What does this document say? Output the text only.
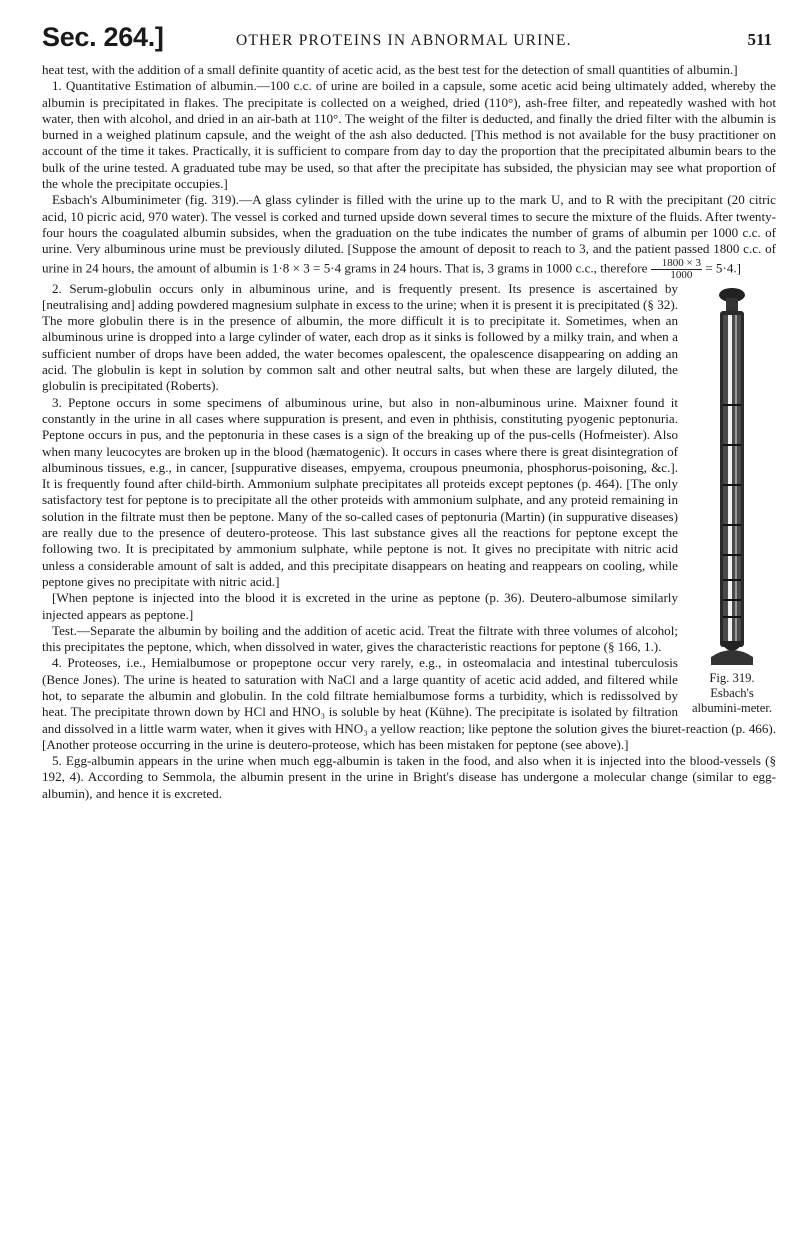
Sec. 264.]	OTHER PROTEINS IN ABNORMAL URINE.	511

heat test, with the addition of a small definite quantity of acetic acid, as the best test for the detection of small quantities of albumin.]

1. Quantitative Estimation of albumin.—100 c.c. of urine are boiled in a capsule, some acetic acid being ultimately added, whereby the albumin is precipitated in flakes. The precipitate is collected on a weighed, dried (110°), ash-free filter, and repeatedly washed with hot water, then with alcohol, and dried in an air-bath at 110°. The weight of the filter is deducted, and finally the dried filter with the albumin is burned in a weighed platinum capsule, and the weight of the ash also deducted. [This method is not available for the busy practitioner on account of the time it takes. Practically, it is sufficient to compare from day to day the proportion that the precipitated albumin bears to the bulk of the urine tested. A graduated tube may be used, so that after the precipitate has subsided, the physician may see what proportion of the whole the precipitate occupies.]

Esbach's Albuminimeter (fig. 319).—A glass cylinder is filled with the urine up to the mark U, and to R with the precipitant (20 citric acid, 10 picric acid, 970 water). The vessel is corked and turned upside down several times to secure the mixture of the fluids. After twenty-four hours the coagulated albumin subsides, when the graduation on the tube indicates the number of grams of albumin per 1000 c.c. of urine. Very albuminous urine must be previously diluted. [Suppose the amount of deposit to reach to 3, and the patient passed 1800 c.c. of urine in 24 hours, the amount of albumin is 1·8 × 3 = 5·4 grams in 24 hours. That is, 3 grams in 1000 c.c., therefore $\frac{1800 \times 3}{1000} = 5\cdot 4$.]

Fig. 319.
Esbach's albumini-meter.

2. Serum-globulin occurs only in albuminous urine, and is frequently present. Its presence is ascertained by [neutralising and] adding powdered magnesium sulphate in excess to the urine; when it is present it is precipitated (§ 32). The more globulin there is in the presence of albumin, the more difficult it is to precipitate it. Sometimes, when an albuminous urine is dropped into a large cylinder of water, each drop as it sinks is followed by a milky train, and when a sufficient number of drops have been added, the water becomes opalescent, the opalescence disappearing on adding an acid. The globulin is kept in solution by common salt and other neutral salts, but when these are largely diluted, the globulin is precipitated (Roberts).

3. Peptone occurs in some specimens of albuminous urine, but also in non-albuminous urine. Maixner found it constantly in the urine in all cases where suppuration is present, and even in phthisis, constituting pyogenic peptonuria. Peptone occurs in pus, and the peptonuria in these cases is a sign of the breaking up of the pus-cells (Hofmeister). Also when many leucocytes are broken up in the blood (hæmatogenic). It occurs in cases where there is great disintegration of albuminous tissues, e.g., in cancer, [suppurative diseases, empyema, croupous pneumonia, phosphorus-poisoning, &c.]. It is frequently found after child-birth. Ammonium sulphate precipitates all proteids except peptones (p. 464). [The only satisfactory test for peptone is to precipitate all the other proteids with ammonium sulphate, and any proteid remaining in solution in the filtrate must then be peptone. Many of the so-called cases of peptonuria (Martin) (in suppurative diseases) are really due to the presence of deutero-proteose. This last substance gives all the reactions for peptone except the following two. It is precipitated by ammonium sulphate, while peptone is not. It gives no precipitate with nitric acid unless a considerable amount of salt is added, and this precipitate disappears on heating and reappears on cooling, while peptone gives no precipitate with nitric acid.]

[When peptone is injected into the blood it is excreted in the urine as peptone (p. 36). Deutero-albumose similarly injected appears as peptone.]

Test.—Separate the albumin by boiling and the addition of acetic acid. Treat the filtrate with three volumes of alcohol; this precipitates the peptone, which, when dissolved in water, gives the characteristic reactions for peptone (§ 166, 1.).

4. Proteoses, i.e., Hemialbumose or propeptone occur very rarely, e.g., in osteomalacia and intestinal tuberculosis (Bence Jones). The urine is heated to saturation with NaCl and a large quantity of acetic acid added, and filtered while hot, to separate the albumin and globulin. In the cold filtrate hemialbumose forms a turbidity, which is redissolved by heat. The precipitate thrown down by HCl and HNO₃ is soluble by heat (Kühne). The precipitate is isolated by filtration and dissolved in a little warm water, when it gives with HNO₃ a yellow reaction; like peptone the solution gives the biuret-reaction (p. 466). [Another proteose occurring in the urine is deutero-proteose, which has been mistaken for peptone (see above).]

5. Egg-albumin appears in the urine when much egg-albumin is taken in the food, and also when it is injected into the blood-vessels (§ 192, 4). According to Semmola, the albumin present in the urine in Bright's disease has undergone a molecular change (similar to egg-albumin), and hence it is excreted.
